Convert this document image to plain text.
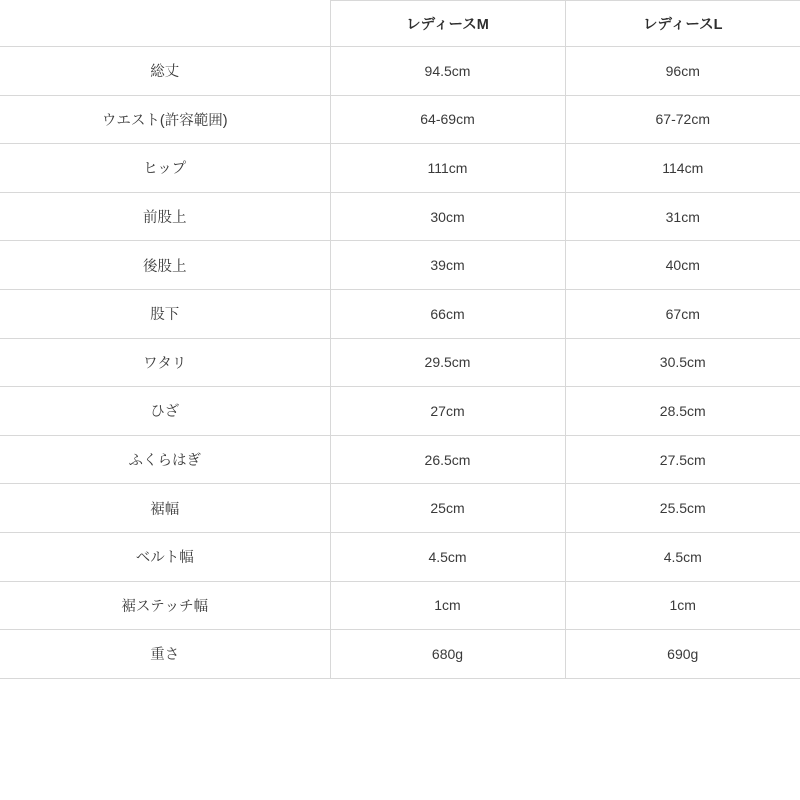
	レディースM	レディースL
総丈	94.5cm	96cm
ウエスト(許容範囲)	64-69cm	67-72cm
ヒップ	111cm	114cm
前股上	30cm	31cm
後股上	39cm	40cm
股下	66cm	67cm
ワタリ	29.5cm	30.5cm
ひざ	27cm	28.5cm
ふくらはぎ	26.5cm	27.5cm
裾幅	25cm	25.5cm
ベルト幅	4.5cm	4.5cm
裾ステッチ幅	1cm	1cm
重さ	680g	690g
